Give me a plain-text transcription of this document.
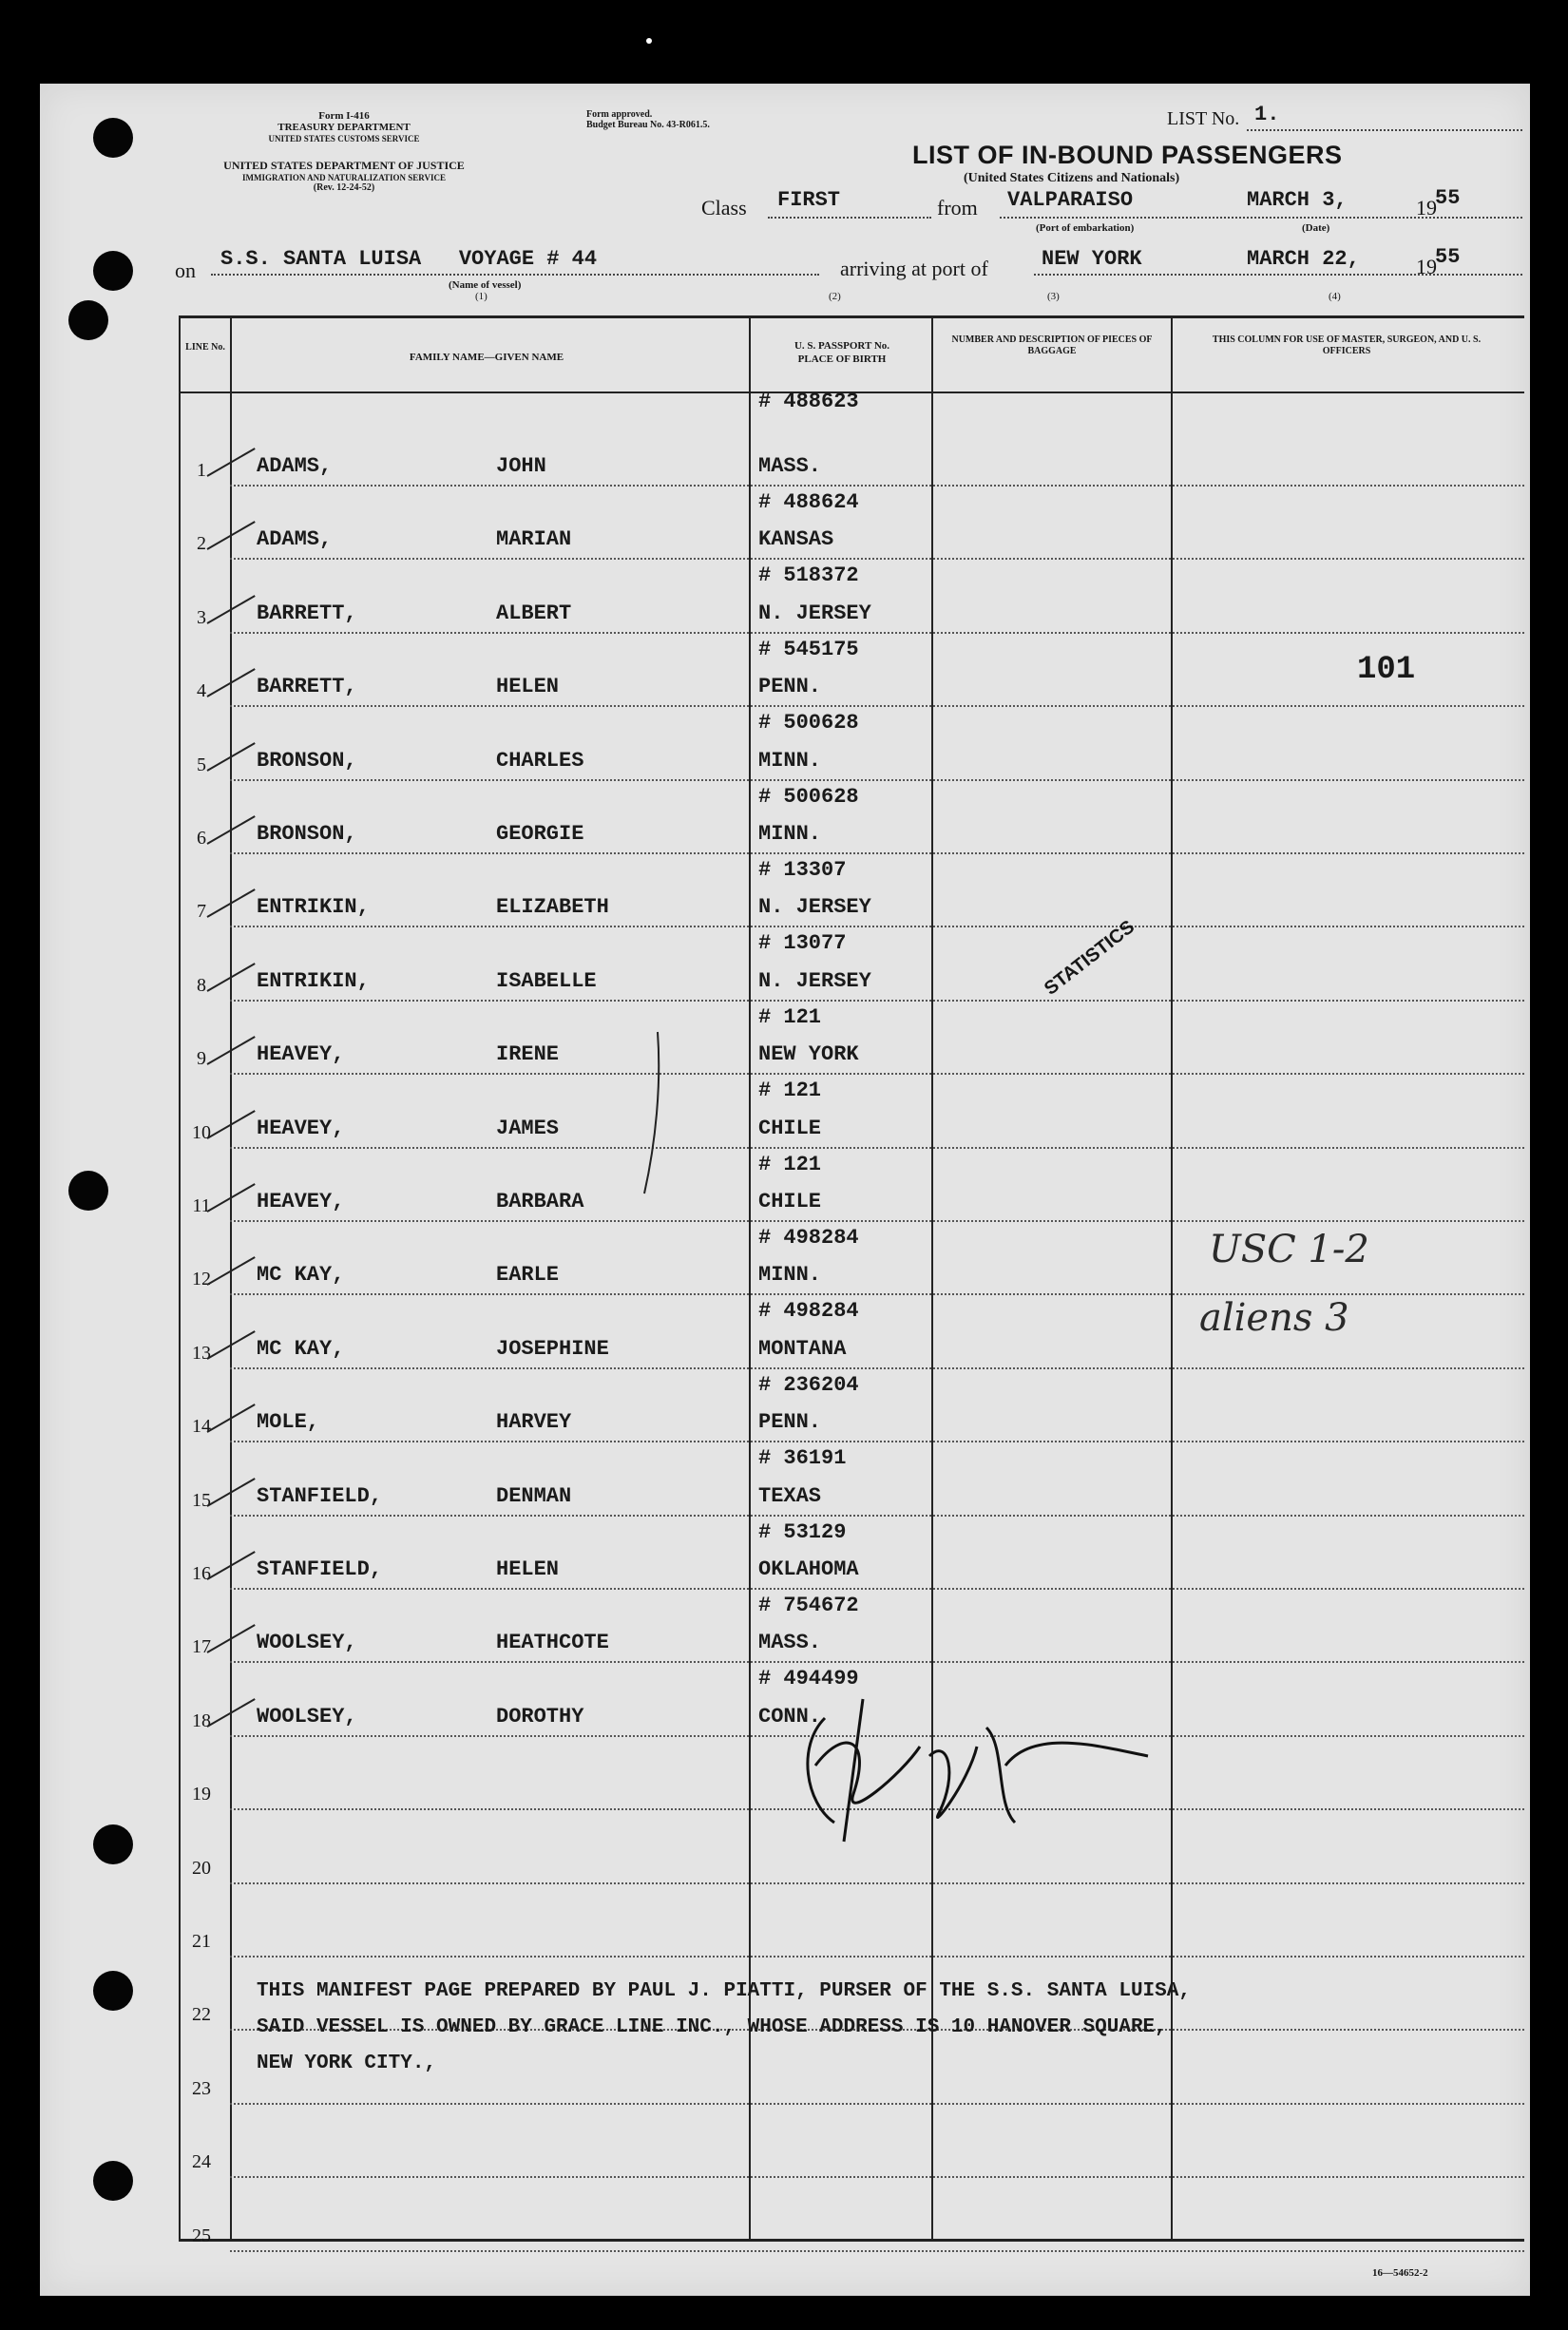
Form I-416
TREASURY DEPARTMENT
UNITED STATES CUSTOMS SERVICE
UNITED STATES DEPARTMENT OF JUSTICE
IMMIGRATION AND NATURALIZATION SERVICE
(Rev. 12-24-52)
Form approved.
Budget Bureau No. 43-R061.5.	LIST No. 1.
LIST OF IN-BOUND PASSENGERS
(United States Citizens and Nationals)
Class FIRST	from VALPARAISO	MARCH 3,	19
55
(Port of embarkation)	(Date)
on S.S. SANTA LUISA   VOYAGE # 44
(Name of vessel)
(1)
arriving at port of	NEW YORK	MARCH 22,	19
55
(2)	(3)	(4)
LINE No.
FAMILY NAME—GIVEN NAME
U. S. PASSPORT No.
PLACE OF BIRTH
NUMBER AND DESCRIPTION OF PIECES OF BAGGAGE
THIS COLUMN FOR USE OF MASTER, SURGEON, AND U. S. OFFICERS
# 488623
1	ADAMS,	JOHN	MASS.
# 488624
2	ADAMS,	MARIAN	KANSAS
# 518372
3	BARRETT,	ALBERT	N. JERSEY
# 545175
4	BARRETT,	HELEN	PENN.
# 500628
5	BRONSON,	CHARLES	MINN.
# 500628
6	BRONSON,	GEORGIE	MINN.
# 13307
7	ENTRIKIN,	ELIZABETH	N. JERSEY
# 13077
8	ENTRIKIN,	ISABELLE	N. JERSEY
# 121
9	HEAVEY,	IRENE	NEW YORK
# 121
10	HEAVEY,	JAMES	CHILE
# 121
11	HEAVEY,	BARBARA	CHILE
# 498284
12	MC KAY,	EARLE	MINN.
# 498284
13	MC KAY,	JOSEPHINE	MONTANA
# 236204
14	MOLE,	HARVEY	PENN.
# 36191
15	STANFIELD,	DENMAN	TEXAS
# 53129
16	STANFIELD,	HELEN	OKLAHOMA
# 754672
17	WOOLSEY,	HEATHCOTE	MASS.
# 494499
18	WOOLSEY,	DOROTHY	CONN.
19
20
21
22
23
24
25
THIS MANIFEST PAGE PREPARED BY PAUL J. PIATTI, PURSER OF THE S.S. SANTA LUISA,
SAID VESSEL IS OWNED BY GRACE LINE INC., WHOSE ADDRESS IS 10 HANOVER SQUARE,
NEW YORK CITY.,
101
STATISTICS
USC 1-2
aliens 3
16—54652-2
